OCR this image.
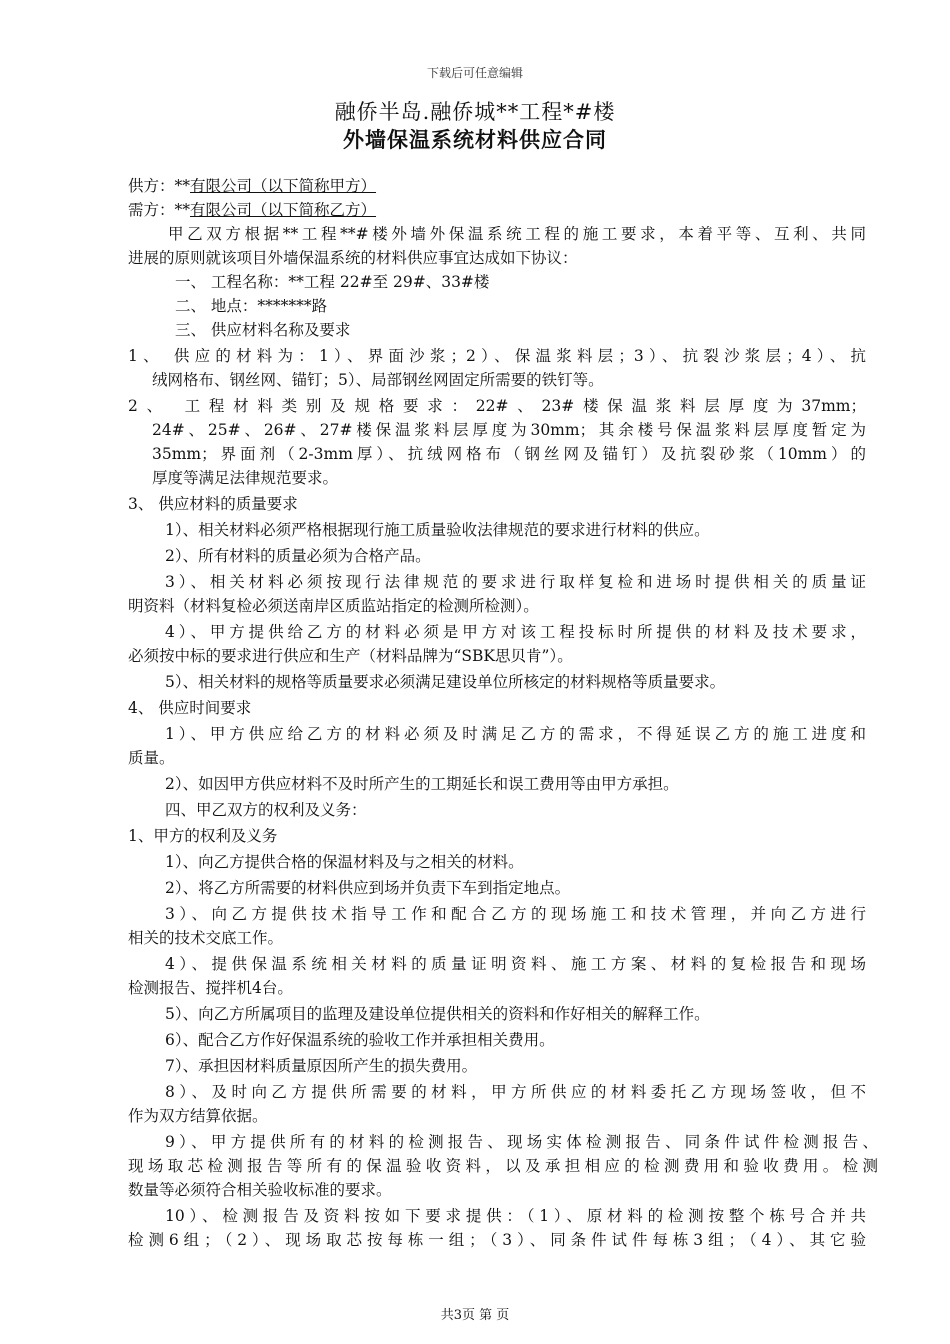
下载后可任意编辑
融侨半岛.融侨城**工程*#楼
外墙保温系统材料供应合同
供方：**有限公司（以下简称甲方）
需方：**有限公司（以下简称乙方）
甲乙双方根据**工程**#楼外墙外保温系统工程的施工要求，本着平等、互利、共同
进展的原则就该项目外墙保温系统的材料供应事宜达成如下协议：
一、 工程名称：**工程 22#至 29#、33#楼
二、 地点：*******路
三、 供应材料名称及要求
1、 供应的材料为：1）、界面沙浆；2）、保温浆料层；3）、抗裂沙浆层；4）、抗
绒网格布、钢丝网、锚钉；5）、局部钢丝网固定所需要的铁钉等。
2、 工程材料类别及规格要求：22#、23#楼保温浆料层厚度为37mm；
24#、25#、26#、27#楼保温浆料层厚度为30mm；其余楼号保温浆料层厚度暂定为
35mm；界面剂（2-3mm厚）、抗绒网格布（钢丝网及锚钉）及抗裂砂浆（10mm）的
厚度等满足法律规范要求。
3、 供应材料的质量要求
1）、相关材料必须严格根据现行施工质量验收法律规范的要求进行材料的供应。
2）、所有材料的质量必须为合格产品。
3）、相关材料必须按现行法律规范的要求进行取样复检和进场时提供相关的质量证
明资料（材料复检必须送南岸区质监站指定的检测所检测）。
4）、甲方提供给乙方的材料必须是甲方对该工程投标时所提供的材料及技术要求，
必须按中标的要求进行供应和生产（材料品牌为“SBK思贝肯”）。
5）、相关材料的规格等质量要求必须满足建设单位所核定的材料规格等质量要求。
4、 供应时间要求
1）、甲方供应给乙方的材料必须及时满足乙方的需求，不得延误乙方的施工进度和
质量。
2）、如因甲方供应材料不及时所产生的工期延长和误工费用等由甲方承担。
四、甲乙双方的权利及义务：
1、甲方的权利及义务
1）、向乙方提供合格的保温材料及与之相关的材料。
2）、将乙方所需要的材料供应到场并负责下车到指定地点。
3）、向乙方提供技术指导工作和配合乙方的现场施工和技术管理，并向乙方进行
相关的技术交底工作。
4）、提供保温系统相关材料的质量证明资料、施工方案、材料的复检报告和现场
检测报告、搅拌机4台。
5）、向乙方所属项目的监理及建设单位提供相关的资料和作好相关的解释工作。
6）、配合乙方作好保温系统的验收工作并承担相关费用。
7）、承担因材料质量原因所产生的损失费用。
8）、及时向乙方提供所需要的材料，甲方所供应的材料委托乙方现场签收，但不
作为双方结算依据。
9）、甲方提供所有的材料的检测报告、现场实体检测报告、同条件试件检测报告、
现场取芯检测报告等所有的保温验收资料，以及承担相应的检测费用和验收费用。检测
数量等必须符合相关验收标准的要求。
10）、检测报告及资料按如下要求提供：（1）、原材料的检测按整个栋号合并共
检测6组；（2）、现场取芯按每栋一组；（3）、同条件试件每栋3组；（4）、其它验
共3页 第 页
